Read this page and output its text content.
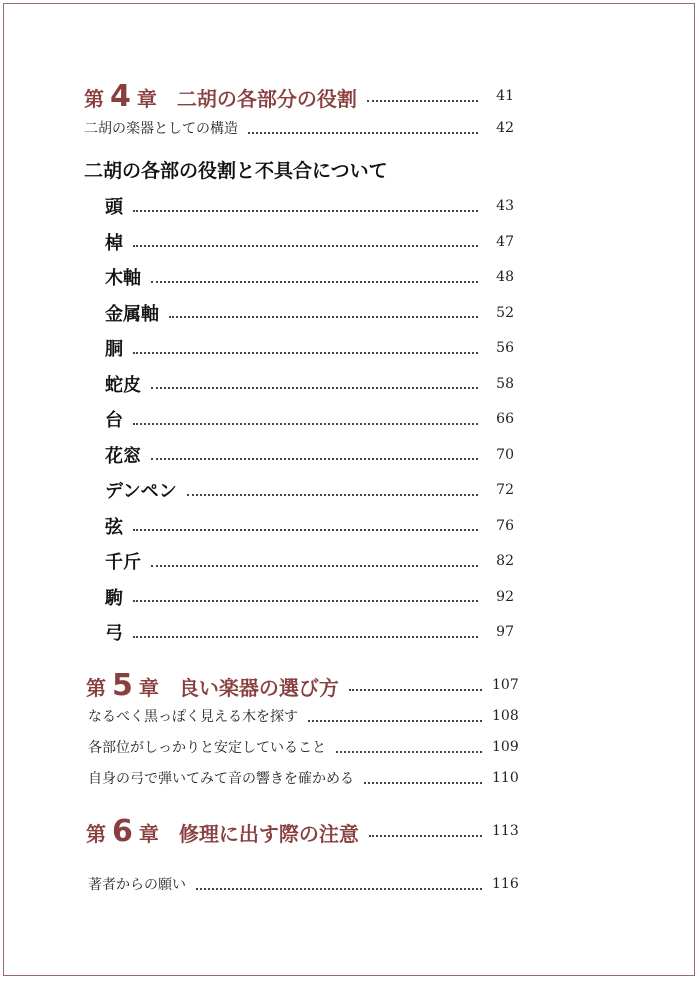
第 4 章 二胡の各部分の役割	41
二胡の楽器としての構造	42
二胡の各部の役割と不具合について
頭	43
棹	47
木軸	48
金属軸	52
胴	56
蛇皮	58
台	66
花窓	70
デンペン	72
弦	76
千斤	82
駒	92
弓	97
第 5 章 良い楽器の選び方	107
なるべく黒っぽく見える木を探す	108
各部位がしっかりと安定していること	109
自身の弓で弾いてみて音の響きを確かめる	110
第 6 章 修理に出す際の注意	113
著者からの願い	116
